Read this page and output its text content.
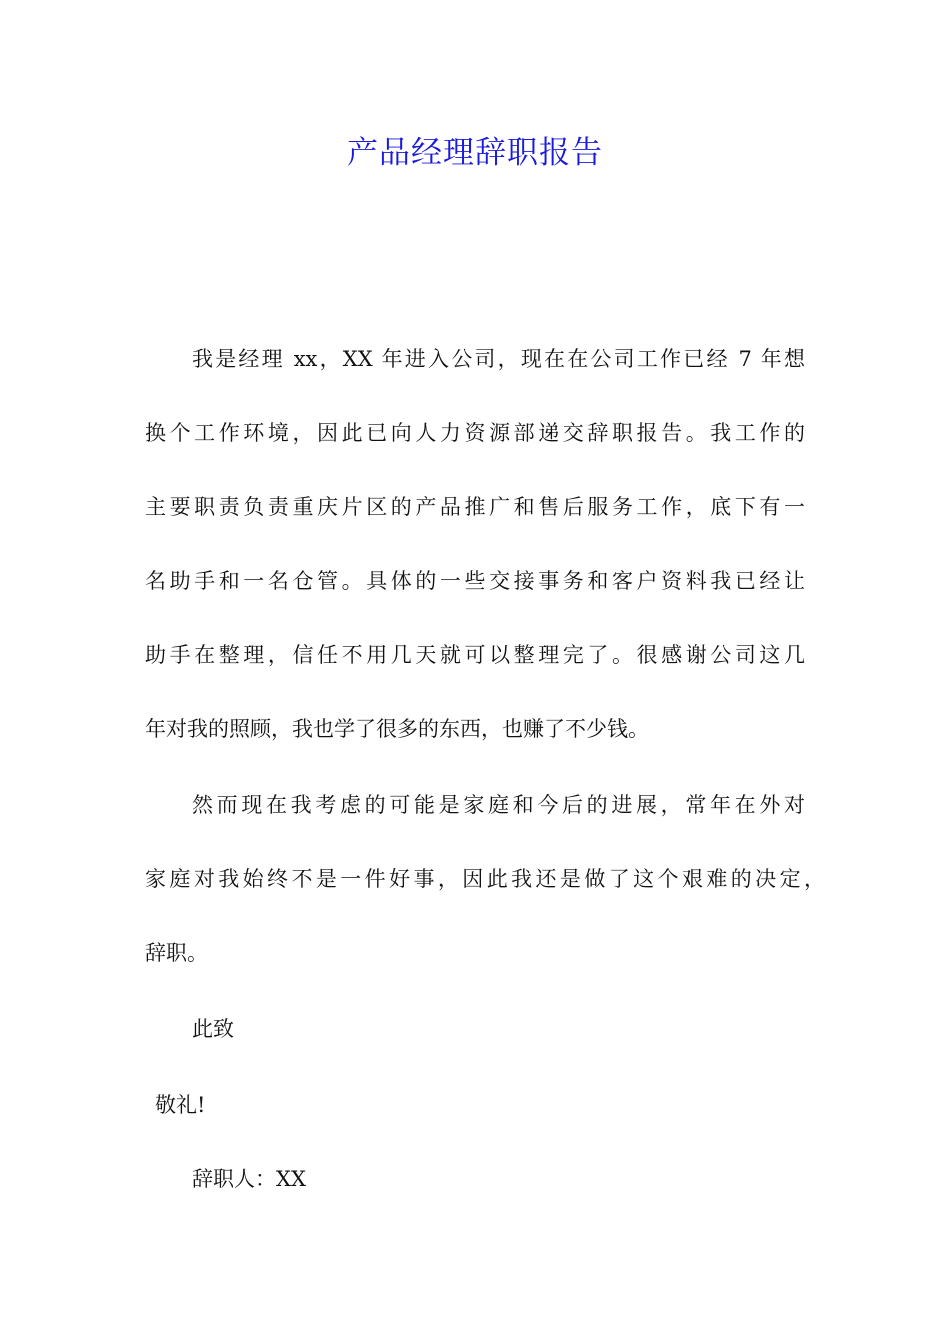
产品经理辞职报告
我是经理 xx，XX 年进入公司，现在在公司工作已经 7 年想
换个工作环境，因此已向人力资源部递交辞职报告。我工作的
主要职责负责重庆片区的产品推广和售后服务工作，底下有一
名助手和一名仓管。具体的一些交接事务和客户资料我已经让
助手在整理，信任不用几天就可以整理完了。很感谢公司这几
年对我的照顾，我也学了很多的东西，也赚了不少钱。
然而现在我考虑的可能是家庭和今后的进展，常年在外对
家庭对我始终不是一件好事，因此我还是做了这个艰难的决定，
辞职。
此致
敬礼!
辞职人：XX
